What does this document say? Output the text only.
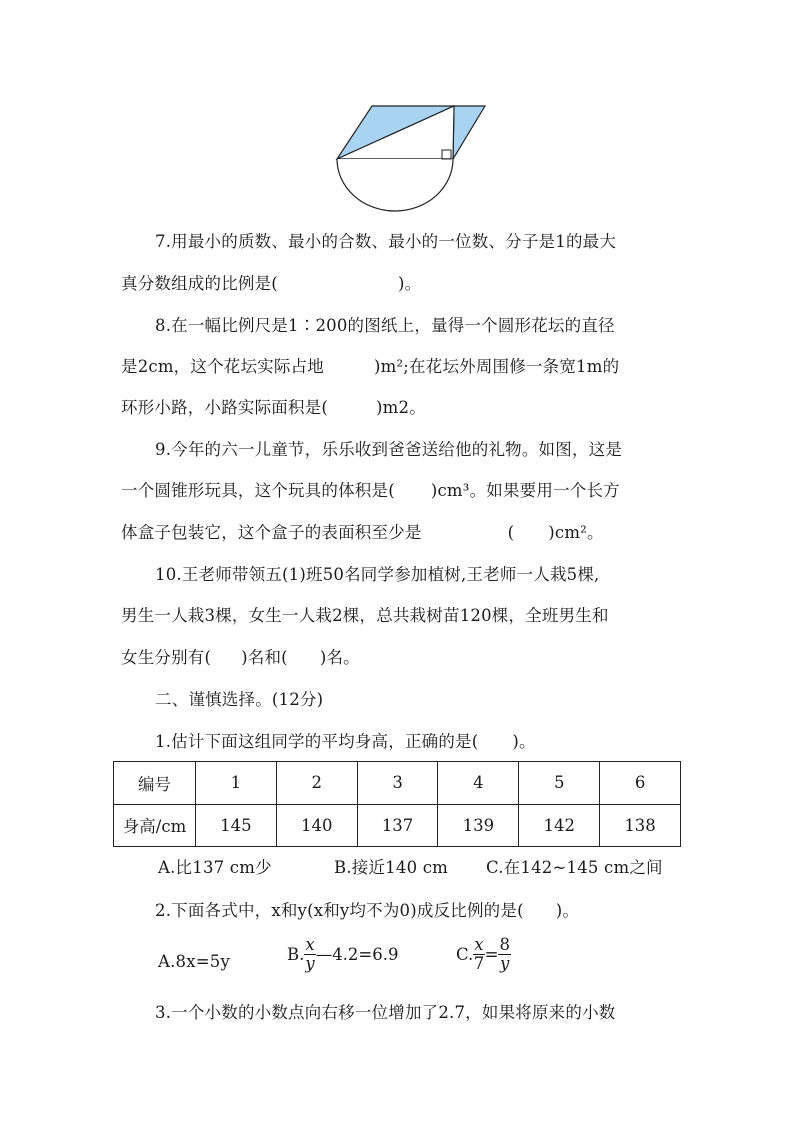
7.用最小的质数、最小的合数、最小的一位数、分子是1的最大
真分数组成的比例是(	)。
8.在一幅比例尺是1∶200的图纸上，量得一个圆形花坛的直径
是2cm，这个花坛实际占地	)m²;在花坛外周围修一条宽1m的
环形小路，小路实际面积是(	)m2。
9.今年的六一儿童节，乐乐收到爸爸送给他的礼物。如图，这是
一个圆锥形玩具，这个玩具的体积是( )cm³。如果要用一个长方
体盒子包装它，这个盒子的表面积至少是	( )cm²。
10.王老师带领五(1)班50名同学参加植树,王老师一人栽5棵,
男生一人栽3棵，女生一人栽2棵，总共栽树苗120棵，全班男生和
女生分别有( )名和( )名。
二、谨慎选择。(12分)
1.估计下面这组同学的平均身高，正确的是( )。
编号	1	2	3	4	5	6
身高/cm	145	140	137	139	142	138
A.比137 cm少	B.接近140 cm C.在142~145 cm之间
2.下面各式中，x和y(x和y均不为0)成反比例的是( )。
A.8x=5y	B. $\frac{x}{y}$ —4.2=6.9	C. $\frac{x}{7} = \frac{8}{y}$
3.一个小数的小数点向右移一位增加了2.7，如果将原来的小数
